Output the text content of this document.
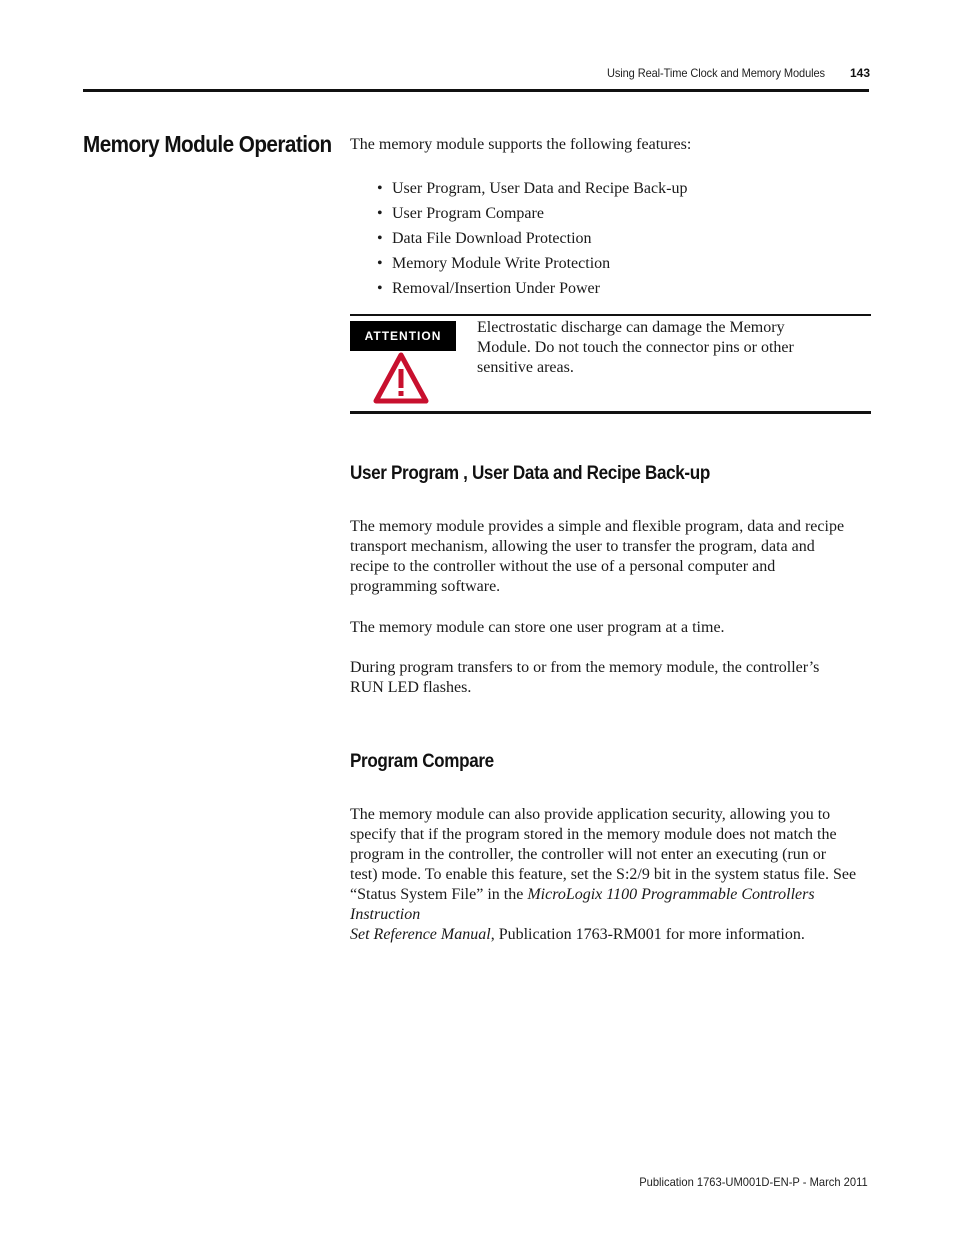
Using Real-Time Clock and Memory Modules 143
Memory Module Operation The memory module supports the following features:

• User Program, User Data and Recipe Back-up
• User Program Compare
• Data File Download Protection
• Memory Module Write Protection
• Removal/Insertion Under Power
ATTENTION	Electrostatic discharge can damage the Memory

Module. Do not touch the connector pins or other

sensitive areas.

User Program , User Data and Recipe Back-up

The memory module provides a simple and flexible program, data and recipe

transport mechanism, allowing the user to transfer the program, data and

recipe to the controller without the use of a personal computer and

programming software.

The memory module can store one user program at a time.

During program transfers to or from the memory module, the controller’s

RUN LED flashes.

Program Compare

The memory module can also provide application security, allowing you to

specify that if the program stored in the memory module does not match the

program in the controller, the controller will not enter an executing (run or

test) mode. To enable this feature, set the S:2/9 bit in the system status file. See

“Status System File” in the MicroLogix 1100 Programmable Controllers Instruction

Set Reference Manual, Publication 1763-RM001 for more information.

Publication 1763-UM001D-EN-P - March 2011
